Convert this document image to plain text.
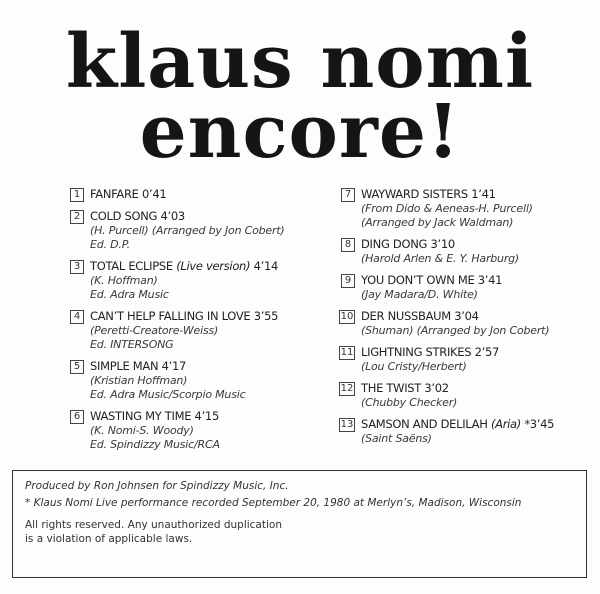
klaus nomi
encore!
1 FANFARE 0’41
2 COLD SONG 4’03
(H. Purcell) (Arranged by Jon Cobert)
Ed. D.P.
3 TOTAL ECLIPSE (Live version) 4’14
(K. Hoffman)
Ed. Adra Music
4 CAN’T HELP FALLING IN LOVE 3’55
(Peretti-Creatore-Weiss)
Ed. INTERSONG
5 SIMPLE MAN 4’17
(Kristian Hoffman)
Ed. Adra Music/Scorpio Music
6 WASTING MY TIME 4’15
(K. Nomi-S. Woody)
Ed. Spindizzy Music/RCA
7 WAYWARD SISTERS 1’41
(From Dido & Aeneas-H. Purcell)
(Arranged by Jack Waldman)
8 DING DONG 3’10
(Harold Arlen & E. Y. Harburg)
9 YOU DON’T OWN ME 3’41
(Jay Madara/D. White)
10 DER NUSSBAUM 3’04
(Shuman) (Arranged by Jon Cobert)
11 LIGHTNING STRIKES 2’57
(Lou Cristy/Herbert)
12 THE TWIST 3’02
(Chubby Checker)
13 SAMSON AND DELILAH (Aria) *3’45
(Saint Saëns)
Produced by Ron Johnsen for Spindizzy Music, Inc.
* Klaus Nomi Live performance recorded September 20, 1980 at Merlyn’s, Madison, Wisconsin
All rights reserved. Any unauthorized duplication
is a violation of applicable laws.
